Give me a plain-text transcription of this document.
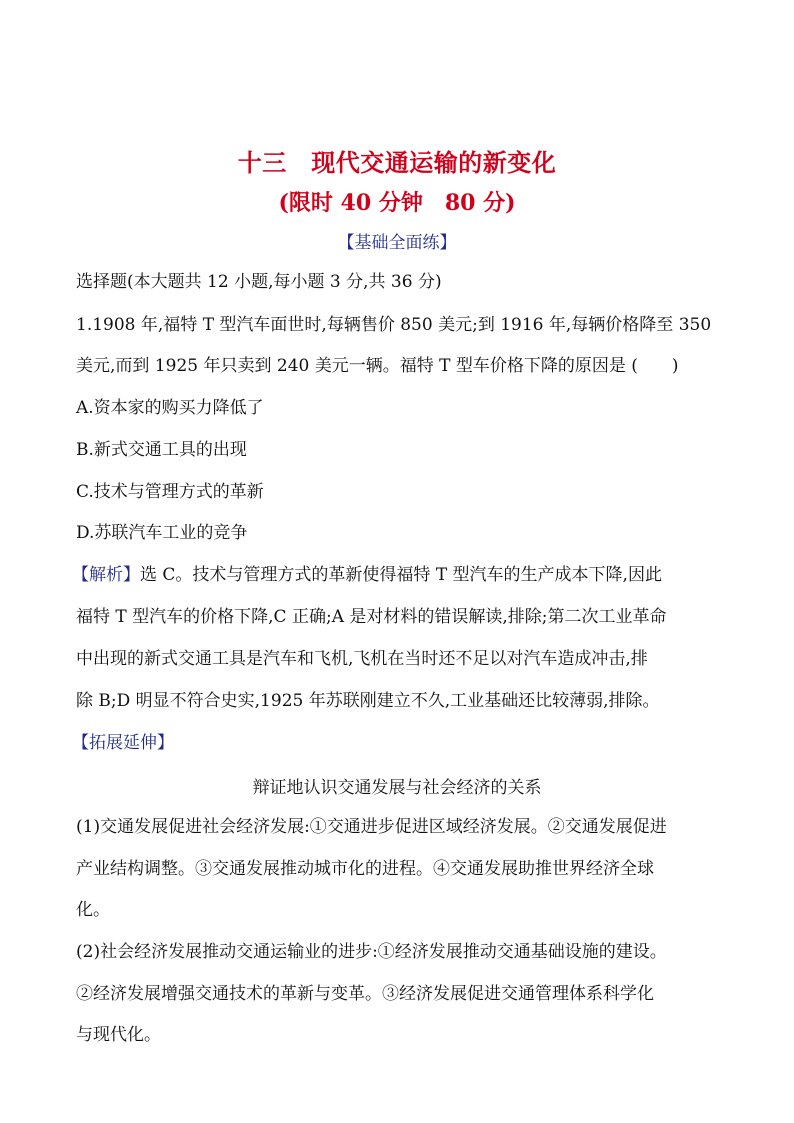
十三　现代交通运输的新变化
(限时 40 分钟　80 分)
【基础全面练】
选择题(本大题共 12 小题,每小题 3 分,共 36 分)
1.1908 年,福特 T 型汽车面世时,每辆售价 850 美元;到 1916 年,每辆价格降至 350
美元,而到 1925 年只卖到 240 美元一辆。福特 T 型车价格下降的原因是 (　　)
A.资本家的购买力降低了
B.新式交通工具的出现
C.技术与管理方式的革新
D.苏联汽车工业的竞争
【解析】选 C。技术与管理方式的革新使得福特 T 型汽车的生产成本下降,因此
福特 T 型汽车的价格下降,C 正确;A 是对材料的错误解读,排除;第二次工业革命
中出现的新式交通工具是汽车和飞机,飞机在当时还不足以对汽车造成冲击,排
除 B;D 明显不符合史实,1925 年苏联刚建立不久,工业基础还比较薄弱,排除。
【拓展延伸】
辩证地认识交通发展与社会经济的关系
(1)交通发展促进社会经济发展:①交通进步促进区域经济发展。②交通发展促进
产业结构调整。③交通发展推动城市化的进程。④交通发展助推世界经济全球
化。
(2)社会经济发展推动交通运输业的进步:①经济发展推动交通基础设施的建设。
②经济发展增强交通技术的革新与变革。③经济发展促进交通管理体系科学化
与现代化。
